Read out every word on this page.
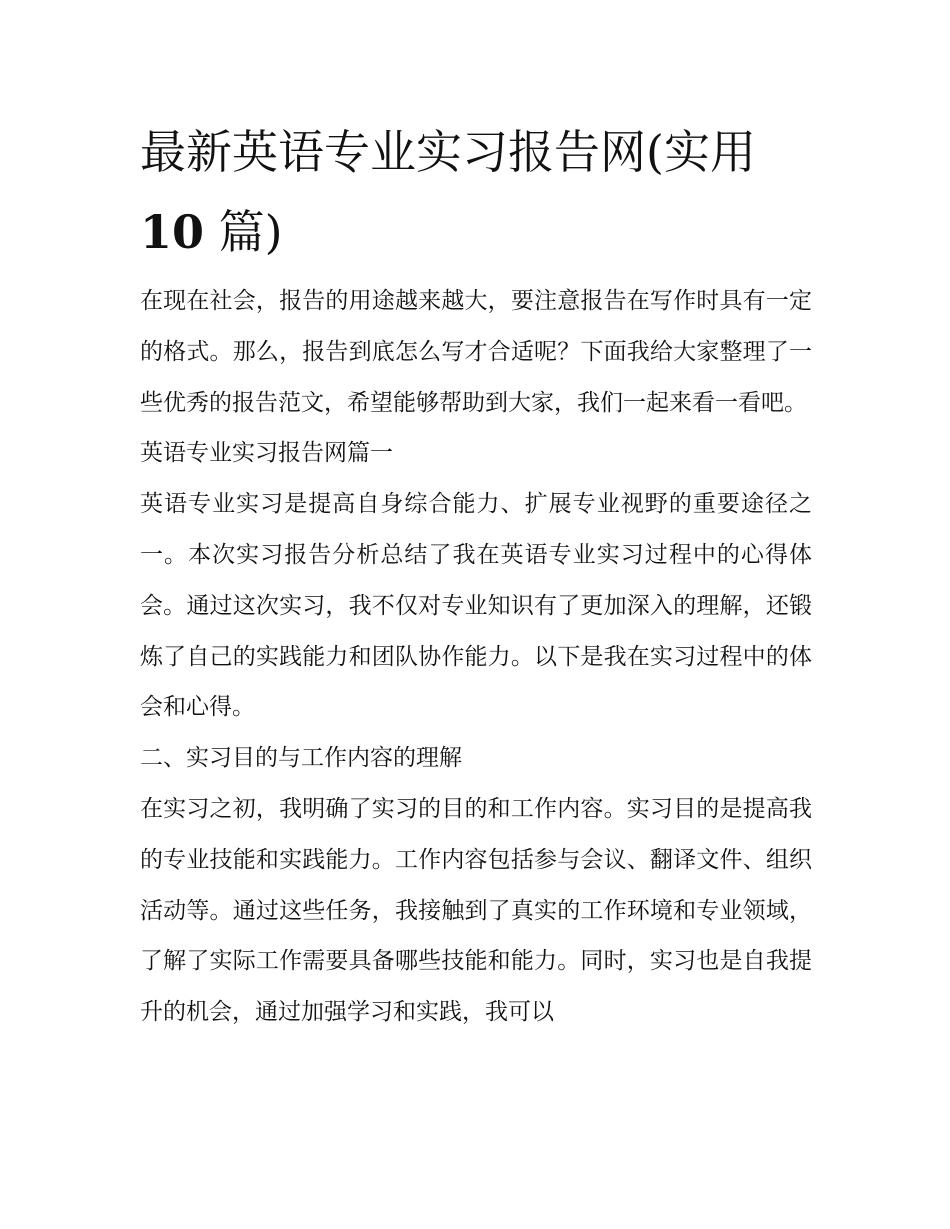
最新英语专业实习报告网(实用
10 篇)

在现在社会，报告的用途越来越大，要注意报告在写作时具有一定的格式。那么，报告到底怎么写才合适呢？下面我给大家整理了一些优秀的报告范文，希望能够帮助到大家，我们一起来看一看吧。

英语专业实习报告网篇一

英语专业实习是提高自身综合能力、扩展专业视野的重要途径之一。本次实习报告分析总结了我在英语专业实习过程中的心得体会。通过这次实习，我不仅对专业知识有了更加深入的理解，还锻炼了自己的实践能力和团队协作能力。以下是我在实习过程中的体会和心得。

二、实习目的与工作内容的理解

在实习之初，我明确了实习的目的和工作内容。实习目的是提高我的专业技能和实践能力。工作内容包括参与会议、翻译文件、组织活动等。通过这些任务，我接触到了真实的工作环境和专业领域，了解了实际工作需要具备哪些技能和能力。同时，实习也是自我提升的机会，通过加强学习和实践，我可以
